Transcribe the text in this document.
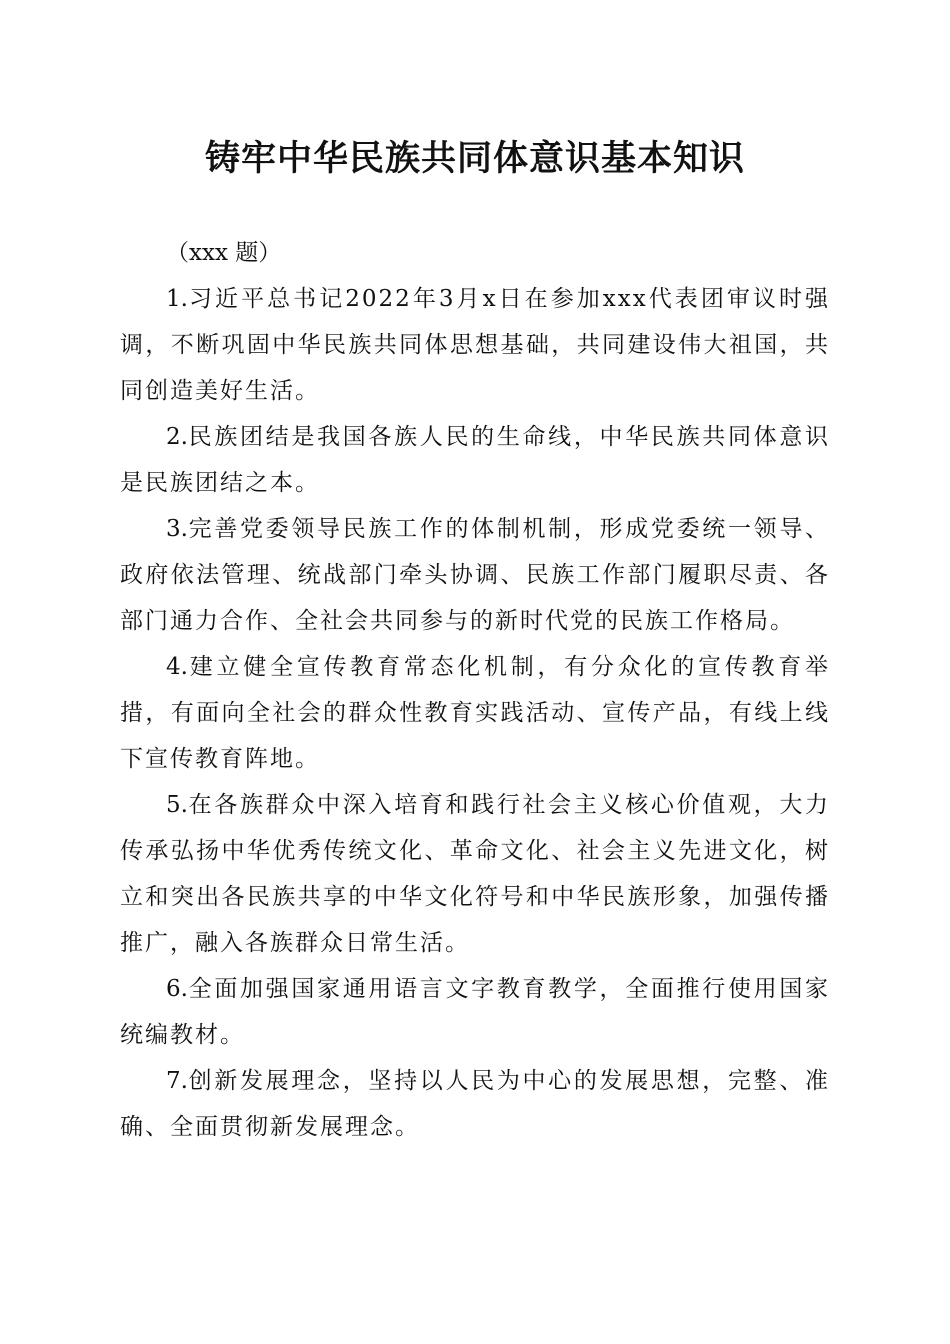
铸牢中华民族共同体意识基本知识

（xxx 题）

1.习近平总书记2022年3月x日在参加xxx代表团审议时强调，不断巩固中华民族共同体思想基础，共同建设伟大祖国，共同创造美好生活。

2.民族团结是我国各族人民的生命线，中华民族共同体意识是民族团结之本。

3.完善党委领导民族工作的体制机制，形成党委统一领导、政府依法管理、统战部门牵头协调、民族工作部门履职尽责、各部门通力合作、全社会共同参与的新时代党的民族工作格局。

4.建立健全宣传教育常态化机制，有分众化的宣传教育举措，有面向全社会的群众性教育实践活动、宣传产品，有线上线下宣传教育阵地。

5.在各族群众中深入培育和践行社会主义核心价值观，大力传承弘扬中华优秀传统文化、革命文化、社会主义先进文化，树立和突出各民族共享的中华文化符号和中华民族形象，加强传播推广，融入各族群众日常生活。

6.全面加强国家通用语言文字教育教学，全面推行使用国家统编教材。

7.创新发展理念，坚持以人民为中心的发展思想，完整、准确、全面贯彻新发展理念。
